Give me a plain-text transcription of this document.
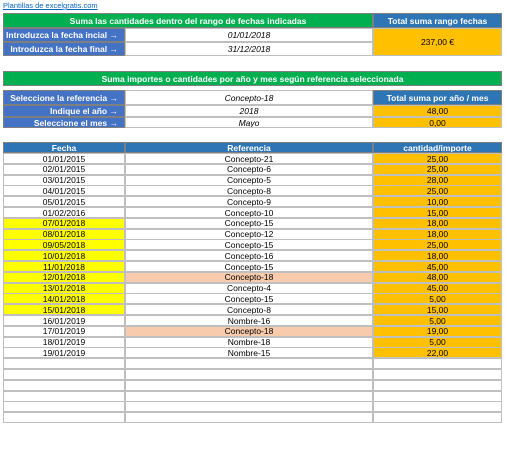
Plantillas de excelgratis.com
Suma las cantidades dentro del rango de fechas indicadas	Total suma rango fechas
Introduzca la fecha incial →	01/01/2018
Introduzca la fecha final →	31/12/2018
237,00 €
Suma importes o cantidades por año y mes según referencia seleccionada
Seleccione la referencia →	Concepto-18	Total suma por año / mes
Indique el año →	2018	48,00
Seleccione el mes →	Mayo	0,00
Fecha	Referencia	cantidad/importe
01/01/2015	Concepto-21	25,00
02/01/2015	Concepto-6	25,00
03/01/2015	Concepto-5	28,00
04/01/2015	Concepto-8	25,00
05/01/2015	Concepto-9	10,00
01/02/2016	Concepto-10	15,00
07/01/2018	Concepto-15	18,00
08/01/2018	Concepto-12	18,00
09/05/2018	Concepto-15	25,00
10/01/2018	Concepto-16	18,00
11/01/2018	Concepto-15	45,00
12/01/2018	Concepto-18	48,00
13/01/2018	Concepto-4	45,00
14/01/2018	Concepto-15	5,00
15/01/2018	Concepto-8	15,00
16/01/2019	Nombre-16	5,00
17/01/2019	Concepto-18	19,00
18/01/2019	Nombre-18	5,00
19/01/2019	Nombre-15	22,00
